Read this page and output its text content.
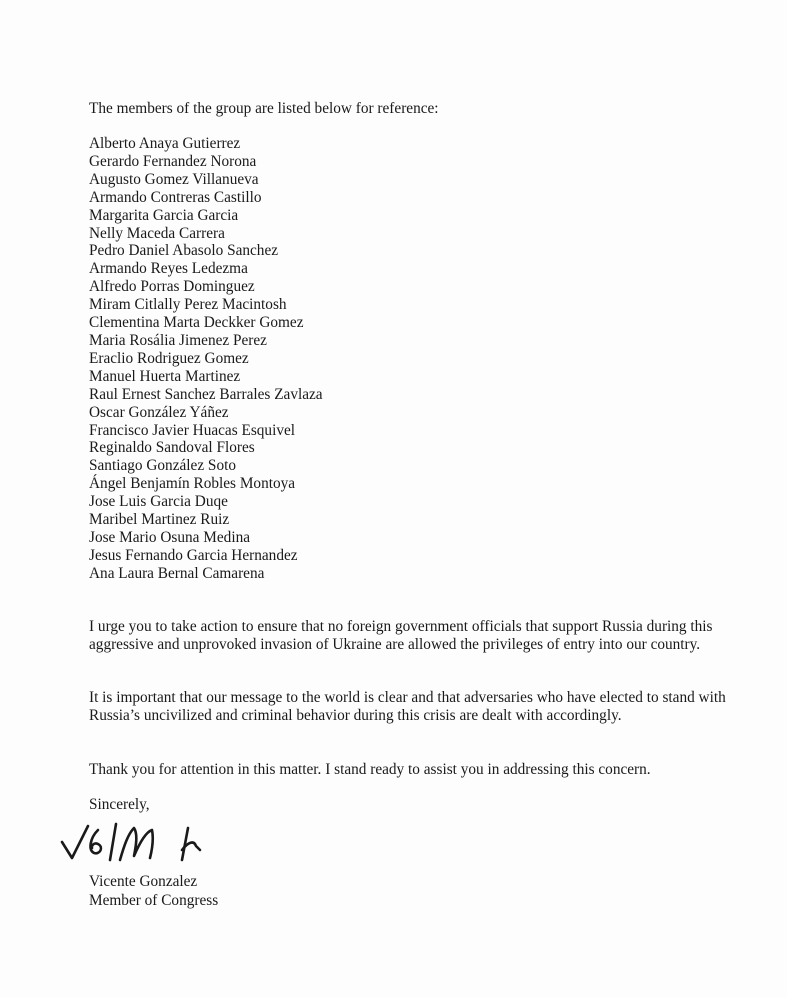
The members of the group are listed below for reference:
Alberto Anaya Gutierrez
Gerardo Fernandez Norona
Augusto Gomez Villanueva
Armando Contreras Castillo
Margarita Garcia Garcia
Nelly Maceda Carrera
Pedro Daniel Abasolo Sanchez
Armando Reyes Ledezma
Alfredo Porras Dominguez
Miram Citlally Perez Macintosh
Clementina Marta Deckker Gomez
Maria Rosália Jimenez Perez
Eraclio Rodriguez Gomez
Manuel Huerta Martinez
Raul Ernest Sanchez Barrales Zavlaza
Oscar González Yáñez
Francisco Javier Huacas Esquivel
Reginaldo Sandoval Flores
Santiago González Soto
Ángel Benjamín Robles Montoya
Jose Luis Garcia Duqe
Maribel Martinez Ruiz
Jose Mario Osuna Medina
Jesus Fernando Garcia Hernandez
Ana Laura Bernal Camarena

I urge you to take action to ensure that no foreign government officials that support Russia during this aggressive and unprovoked invasion of Ukraine are allowed the privileges of entry into our country.

It is important that our message to the world is clear and that adversaries who have elected to stand with Russia’s uncivilized and criminal behavior during this crisis are dealt with accordingly.

Thank you for attention in this matter. I stand ready to assist you in addressing this concern.

Sincerely,
Vicente Gonzalez
Member of Congress
